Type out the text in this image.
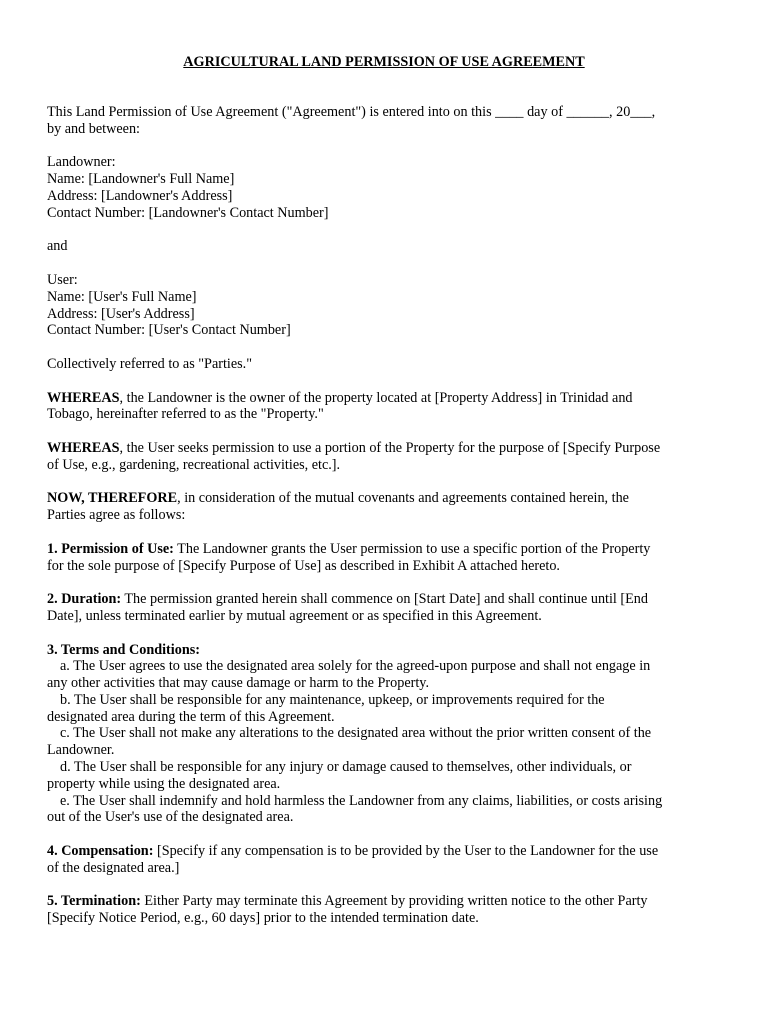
AGRICULTURAL LAND PERMISSION OF USE AGREEMENT
This Land Permission of Use Agreement ("Agreement") is entered into on this ____ day of ______, 20___,
by and between:
Landowner:
Name: [Landowner's Full Name]
Address: [Landowner's Address]
Contact Number: [Landowner's Contact Number]
and
User:
Name: [User's Full Name]
Address: [User's Address]
Contact Number: [User's Contact Number]
Collectively referred to as "Parties."
WHEREAS, the Landowner is the owner of the property located at [Property Address] in Trinidad and
Tobago, hereinafter referred to as the "Property."
WHEREAS, the User seeks permission to use a portion of the Property for the purpose of [Specify Purpose
of Use, e.g., gardening, recreational activities, etc.].
NOW, THEREFORE, in consideration of the mutual covenants and agreements contained herein, the
Parties agree as follows:
1. Permission of Use: The Landowner grants the User permission to use a specific portion of the Property
for the sole purpose of [Specify Purpose of Use] as described in Exhibit A attached hereto.
2. Duration: The permission granted herein shall commence on [Start Date] and shall continue until [End
Date], unless terminated earlier by mutual agreement or as specified in this Agreement.
3. Terms and Conditions:
a. The User agrees to use the designated area solely for the agreed-upon purpose and shall not engage in
any other activities that may cause damage or harm to the Property.
b. The User shall be responsible for any maintenance, upkeep, or improvements required for the
designated area during the term of this Agreement.
c. The User shall not make any alterations to the designated area without the prior written consent of the
Landowner.
d. The User shall be responsible for any injury or damage caused to themselves, other individuals, or
property while using the designated area.
e. The User shall indemnify and hold harmless the Landowner from any claims, liabilities, or costs arising
out of the User's use of the designated area.
4. Compensation: [Specify if any compensation is to be provided by the User to the Landowner for the use
of the designated area.]
5. Termination: Either Party may terminate this Agreement by providing written notice to the other Party
[Specify Notice Period, e.g., 60 days] prior to the intended termination date.
